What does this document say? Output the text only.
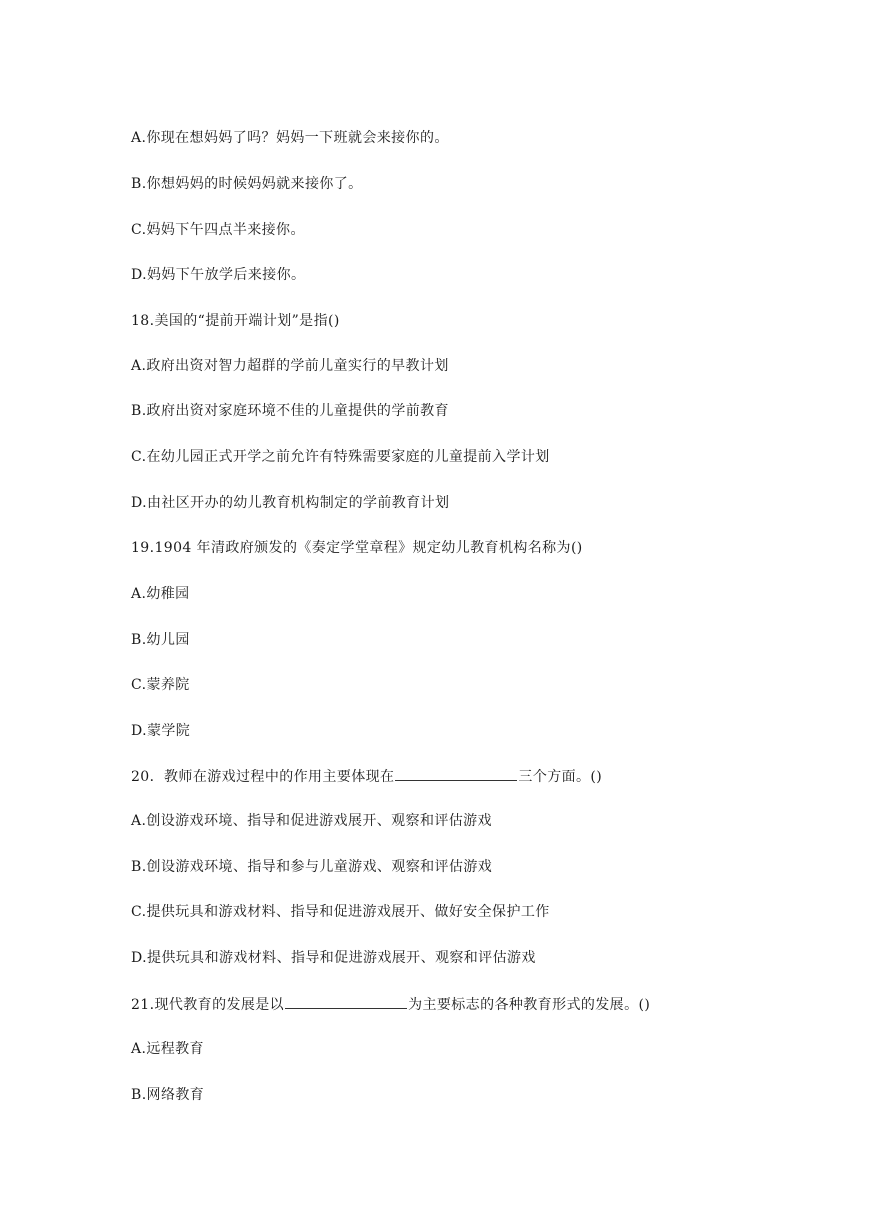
A.你现在想妈妈了吗？妈妈一下班就会来接你的。
B.你想妈妈的时候妈妈就来接你了。
C.妈妈下午四点半来接你。
D.妈妈下午放学后来接你。
18.美国的“提前开端计划”是指()
A.政府出资对智力超群的学前儿童实行的早教计划
B.政府出资对家庭环境不佳的儿童提供的学前教育
C.在幼儿园正式开学之前允许有特殊需要家庭的儿童提前入学计划
D.由社区开办的幼儿教育机构制定的学前教育计划
19.1904 年清政府颁发的《奏定学堂章程》规定幼儿教育机构名称为()
A.幼稚园
B.幼儿园
C.蒙养院
D.蒙学院
20．教师在游戏过程中的作用主要体现在	三个方面。()
A.创设游戏环境、指导和促进游戏展开、观察和评估游戏
B.创设游戏环境、指导和参与儿童游戏、观察和评估游戏
C.提供玩具和游戏材料、指导和促进游戏展开、做好安全保护工作
D.提供玩具和游戏材料、指导和促进游戏展开、观察和评估游戏
21.现代教育的发展是以	为主要标志的各种教育形式的发展。()
A.远程教育
B.网络教育
